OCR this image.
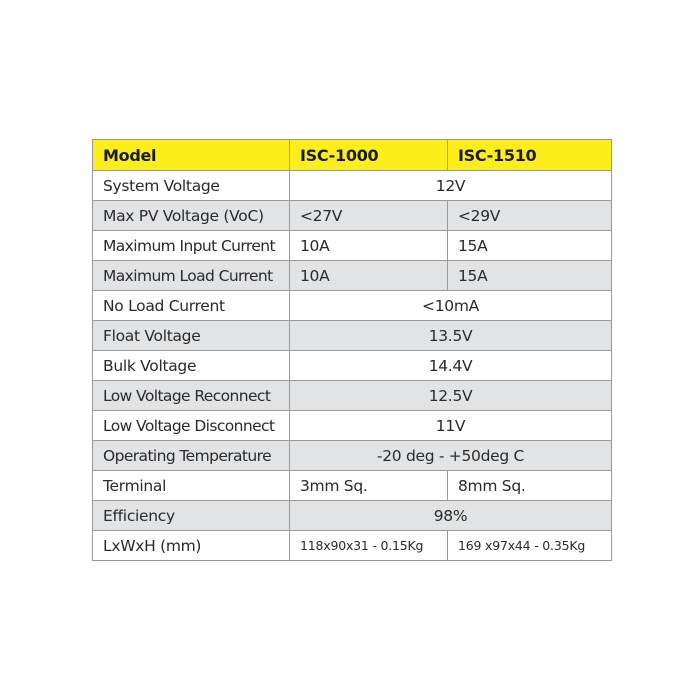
Model	ISC-1000	ISC-1510
System Voltage	12V	
Max PV Voltage (VoC)	<27V	<29V
Maximum Input Current	10A	15A
Maximum Load Current	10A	15A
No Load Current	<10mA	
Float Voltage	13.5V	
Bulk Voltage	14.4V	
Low Voltage Reconnect	12.5V	
Low Voltage Disconnect	11V	
Operating Temperature	-20 deg - +50deg C	
Terminal	3mm Sq.	8mm Sq.
Efficiency	98%	
LxWxH (mm)	118x90x31 - 0.15Kg	169 x97x44 - 0.35Kg
